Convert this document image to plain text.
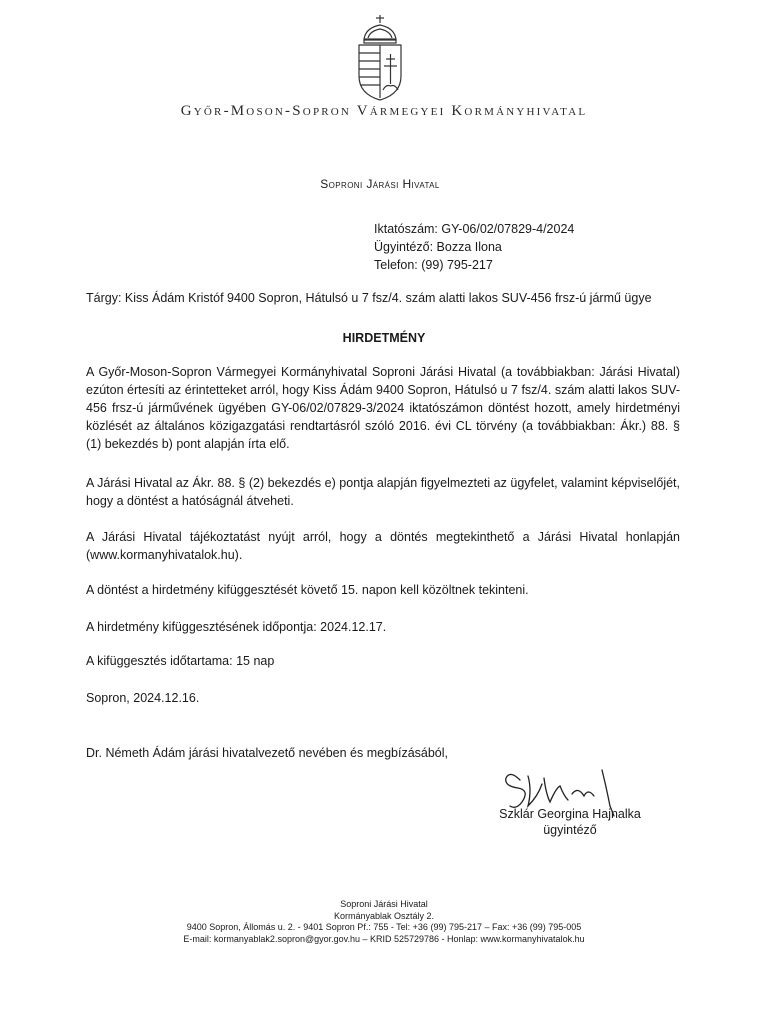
Győr-Moson-Sopron Vármegyei Kormányhivatal
Soproni Járási Hivatal
Iktatószám: GY-06/02/07829-4/2024
Ügyintéző: Bozza Ilona
Telefon: (99) 795-217
Tárgy: Kiss Ádám Kristóf 9400 Sopron, Hátulsó u 7 fsz/4. szám alatti lakos SUV-456 frsz-ú jármű ügye
HIRDETMÉNY
A Győr-Moson-Sopron Vármegyei Kormányhivatal Soproni Járási Hivatal (a továbbiakban: Járási Hivatal) ezúton értesíti az érintetteket arról, hogy Kiss Ádám 9400 Sopron, Hátulsó u 7 fsz/4. szám alatti lakos SUV-456 frsz-ú járművének ügyében GY-06/02/07829-3/2024 iktatószámon döntést hozott, amely hirdetményi közlését az általános közigazgatási rendtartásról szóló 2016. évi CL törvény (a továbbiakban: Ákr.) 88. § (1) bekezdés b) pont alapján írta elő.
A Járási Hivatal az Ákr. 88. § (2) bekezdés e) pontja alapján figyelmezteti az ügyfelet, valamint képviselőjét, hogy a döntést a hatóságnál átveheti.
A Járási Hivatal tájékoztatást nyújt arról, hogy a döntés megtekinthető a Járási Hivatal honlapján (www.kormanyhivatalok.hu).
A döntést a hirdetmény kifüggesztését követő 15. napon kell közöltnek tekinteni.
A hirdetmény kifüggesztésének időpontja: 2024.12.17.
A kifüggesztés időtartama: 15 nap
Sopron, 2024.12.16.
Dr. Németh Ádám járási hivatalvezető nevében és megbízásából,
Szklár Georgina Hajnalka
ügyintéző
Soproni Járási Hivatal
Kormányablak Osztály 2.
9400 Sopron, Állomás u. 2. - 9401 Sopron Pf.: 755 - Tel: +36 (99) 795-217 – Fax: +36 (99) 795-005
E-mail: kormanyablak2.sopron@gyor.gov.hu – KRID 525729786 - Honlap: www.kormanyhivatalok.hu
